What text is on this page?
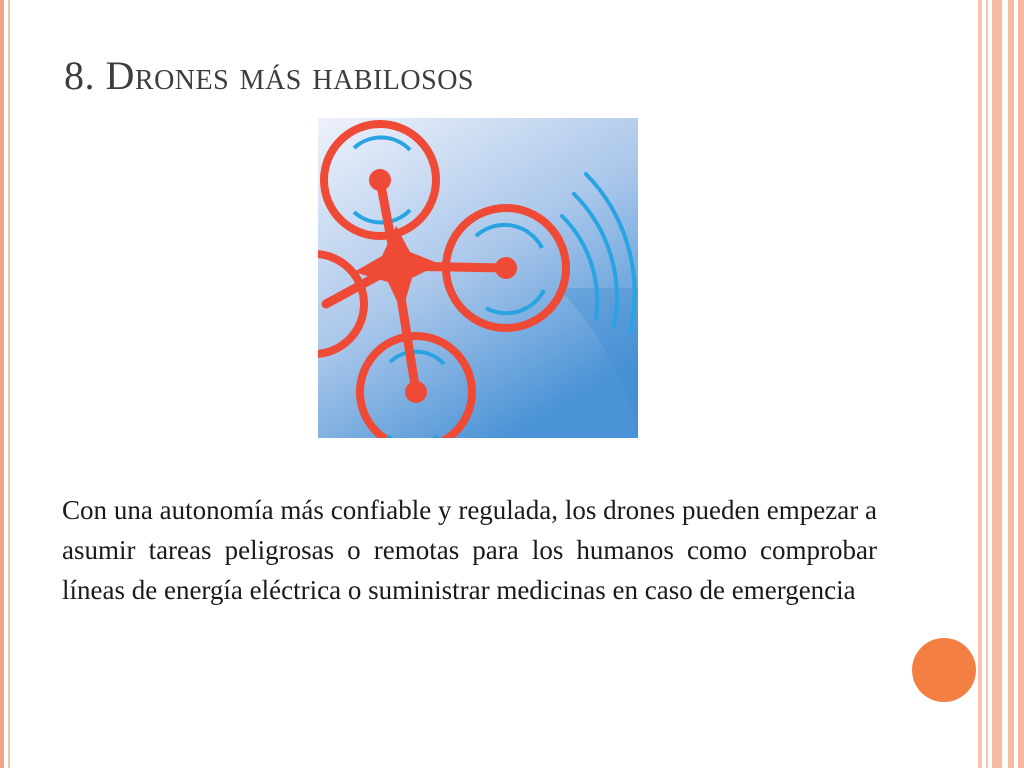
8. Drones más habilosos

Con una autonomía más confiable y regulada, los drones pueden empezar a asumir tareas peligrosas o remotas para los humanos como comprobar líneas de energía eléctrica o suministrar medicinas en caso de emergencia
